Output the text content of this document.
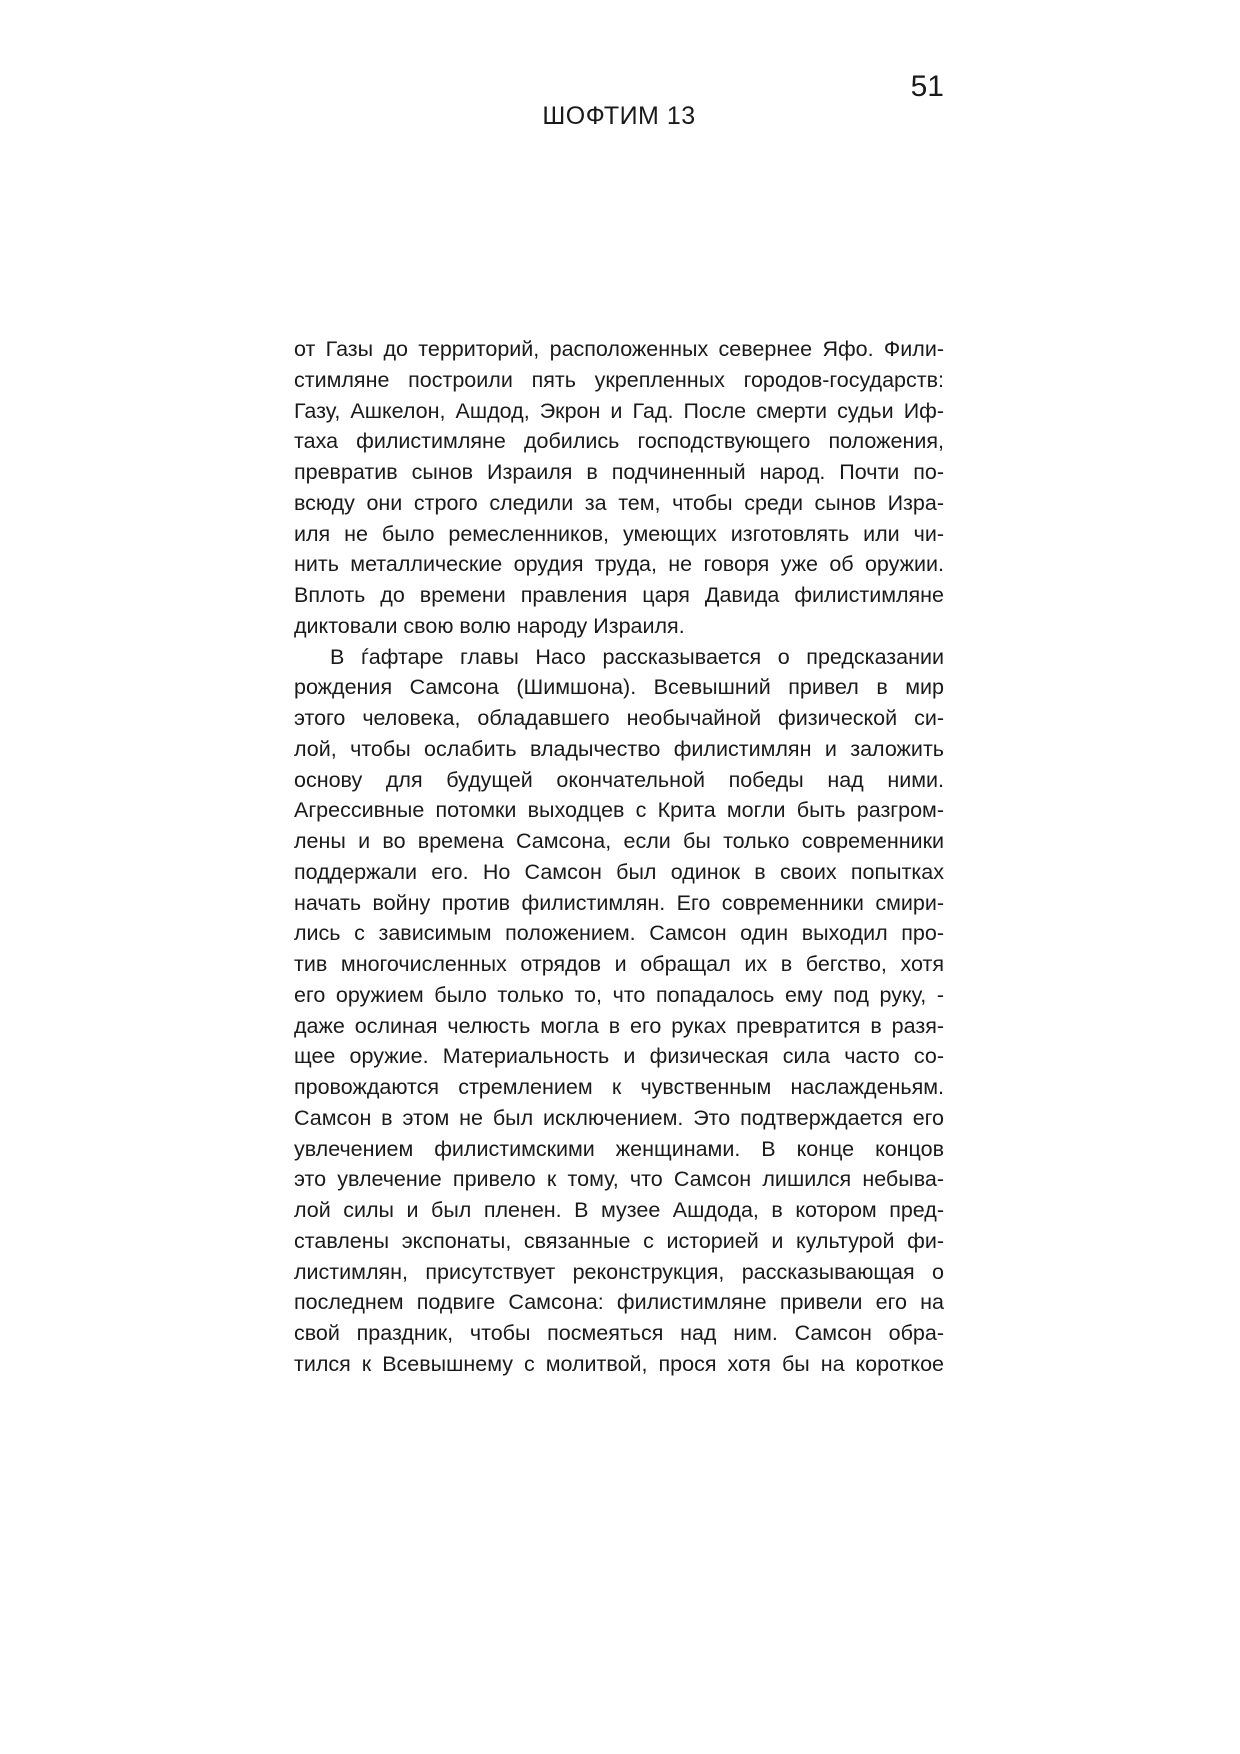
51
ШОФТИМ 13
от Газы до территорий, расположенных севернее Яфо. Фили-
стимляне построили пять укрепленных городов-государств:
Газу, Ашкелон, Ашдод, Экрон и Гад. После смерти судьи Иф-
таха филистимляне добились господствующего положения,
превратив сынов Израиля в подчиненный народ. Почти по-
всюду они строго следили за тем, чтобы среди сынов Изра-
иля не было ремесленников, умеющих изготовлять или чи-
нить металлические орудия труда, не говоря уже об оружии.
Вплоть до времени правления царя Давида филистимляне
диктовали свою волю народу Израиля.
В ѓафтаре главы Насо рассказывается о предсказании
рождения Самсона (Шимшона). Всевышний привел в мир
этого человека, обладавшего необычайной физической си-
лой, чтобы ослабить владычество филистимлян и заложить
основу для будущей окончательной победы над ними.
Агрессивные потомки выходцев с Крита могли быть разгром-
лены и во времена Самсона, если бы только современники
поддержали его. Но Самсон был одинок в своих попытках
начать войну против филистимлян. Его современники смири-
лись с зависимым положением. Самсон один выходил про-
тив многочисленных отрядов и обращал их в бегство, хотя
его оружием было только то, что попадалось ему под руку, -
даже ослиная челюсть могла в его руках превратится в разя-
щее оружие. Материальность и физическая сила часто со-
провождаются стремлением к чувственным наслажденьям.
Самсон в этом не был исключением. Это подтверждается его
увлечением филистимскими женщинами. В конце концов
это увлечение привело к тому, что Самсон лишился небыва-
лой силы и был пленен. В музее Ашдода, в котором пред-
ставлены экспонаты, связанные с историей и культурой фи-
листимлян, присутствует реконструкция, рассказывающая о
последнем подвиге Самсона: филистимляне привели его на
свой праздник, чтобы посмеяться над ним. Самсон обра-
тился к Всевышнему с молитвой, прося хотя бы на короткое
